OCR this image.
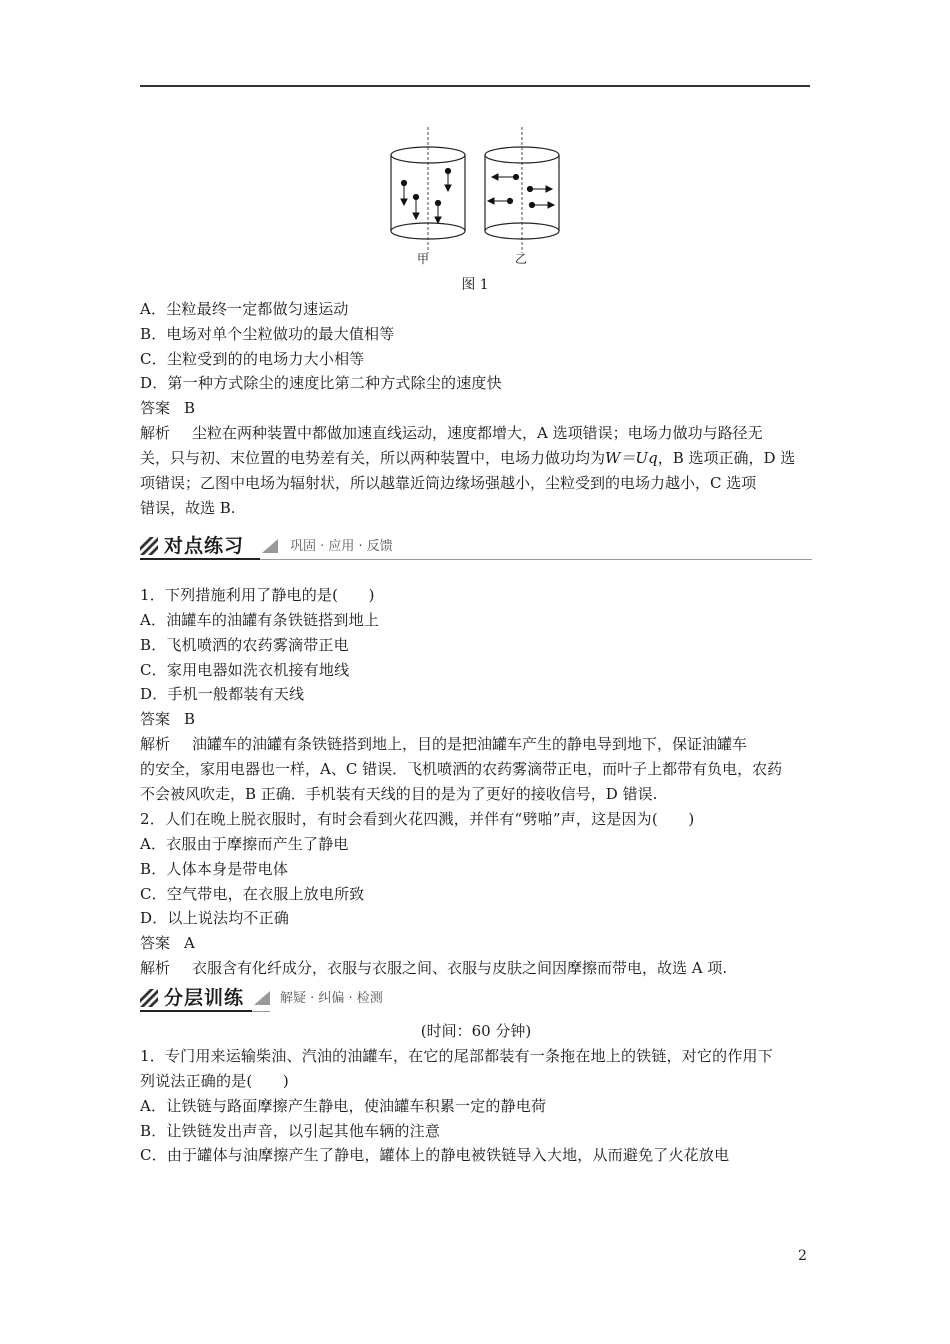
甲	乙
图 1
A．尘粒最终一定都做匀速运动
B．电场对单个尘粒做功的最大值相等
C．尘粒受到的的电场力大小相等
D．第一种方式除尘的速度比第二种方式除尘的速度快
答案 B
解析 尘粒在两种装置中都做加速直线运动，速度都增大，A 选项错误；电场力做功与路径无
关，只与初、末位置的电势差有关，所以两种装置中，电场力做功均为W＝Uq，B 选项正确，D 选
项错误；乙图中电场为辐射状，所以越靠近筒边缘场强越小，尘粒受到的电场力越小，C 选项
错误，故选 B.
对点练习	巩固 · 应用 · 反馈
1．下列措施利用了静电的是(　　)
A．油罐车的油罐有条铁链搭到地上
B．飞机喷洒的农药雾滴带正电
C．家用电器如洗衣机接有地线
D．手机一般都装有天线
答案 B
解析 油罐车的油罐有条铁链搭到地上，目的是把油罐车产生的静电导到地下，保证油罐车
的安全，家用电器也一样，A、C 错误．飞机喷洒的农药雾滴带正电，而叶子上都带有负电，农药
不会被风吹走，B 正确．手机装有天线的目的是为了更好的接收信号，D 错误.
2．人们在晚上脱衣服时，有时会看到火花四溅，并伴有“劈啪”声，这是因为(　　)
A．衣服由于摩擦而产生了静电
B．人体本身是带电体
C．空气带电，在衣服上放电所致
D．以上说法均不正确
答案 A
解析 衣服含有化纤成分，衣服与衣服之间、衣服与皮肤之间因摩擦而带电，故选 A 项.
分层训练	解疑 · 纠偏 · 检测
(时间：60 分钟)
1．专门用来运输柴油、汽油的油罐车，在它的尾部都装有一条拖在地上的铁链，对它的作用下
列说法正确的是(　　)
A．让铁链与路面摩擦产生静电，使油罐车积累一定的静电荷
B．让铁链发出声音，以引起其他车辆的注意
C．由于罐体与油摩擦产生了静电，罐体上的静电被铁链导入大地，从而避免了火花放电
2
